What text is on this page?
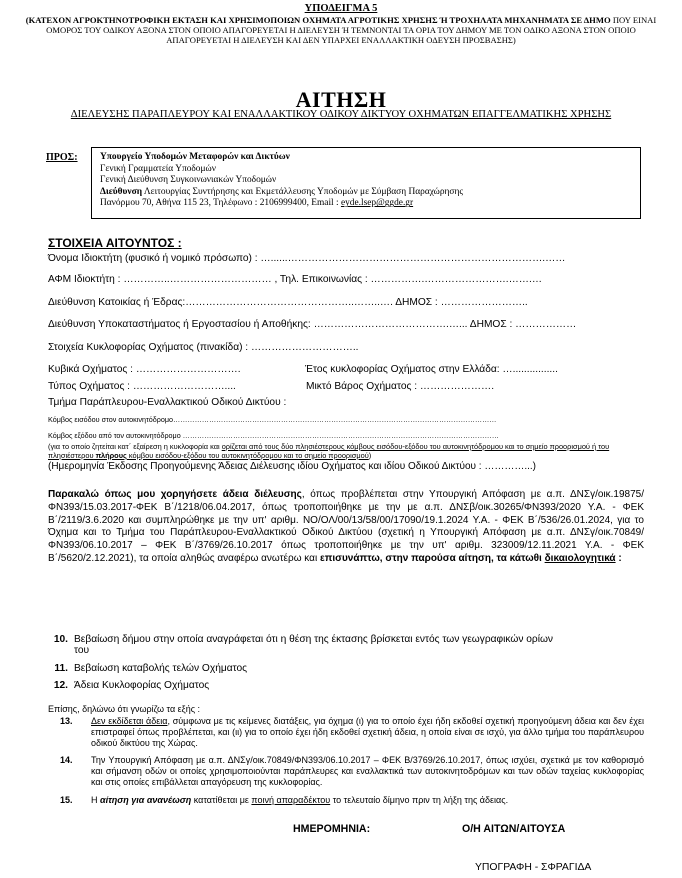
ΥΠΟΔΕΙΓΜΑ 5
(ΚΑΤΕΧΟΝ ΑΓΡΟΚΤΗΝΟΤΡΟΦΙΚΗ ΕΚΤΑΣΗ ΚΑΙ ΧΡΗΣΙΜΟΠΟΙΩΝ ΟΧΗΜΑΤΑ ΑΓΡΟΤΙΚΗΣ ΧΡΗΣΗΣ Ή ΤΡΟΧΗΛΑΤΑ ΜΗΧΑΝΗΜΑΤΑ ΣΕ ΔΗΜΟ ΠΟΥ ΕΙΝΑΙ ΟΜΟΡΟΣ ΤΟΥ ΟΔΙΚΟΥ ΑΞΟΝΑ ΣΤΟΝ ΟΠΟΙΟ ΑΠΑΓΟΡΕΥΕΤΑΙ Η ΔΙΕΛΕΥΣΗ Ή ΤΕΜΝΟΝΤΑΙ ΤΑ ΟΡΙΑ ΤΟΥ ΔΗΜΟΥ ΜΕ ΤΟΝ ΟΔΙΚΟ ΑΞΟΝΑ ΣΤΟΝ ΟΠΟΙΟ ΑΠΑΓΟΡΕΥΕΤΑΙ Η ΔΙΕΛΕΥΣΗ ΚΑΙ ΔΕΝ ΥΠΑΡΧΕΙ ΕΝΑΛΛΑΚΤΙΚΗ ΟΔΕΥΣΗ ΠΡΟΣΒΑΣΗΣ)
ΑΙΤΗΣΗ
ΔΙΕΛΕΥΣΗΣ ΠΑΡΑΠΛΕΥΡΟΥ ΚΑΙ ΕΝΑΛΛΑΚΤΙΚΟΥ ΟΔΙΚΟΥ ΔΙΚΤΥΟΥ ΟΧΗΜΑΤΩΝ ΕΠΑΓΓΕΛΜΑΤΙΚΗΣ ΧΡΗΣΗΣ
ΠΡΟΣ: Υπουργείο Υποδομών Μεταφορών και Δικτύων
Γενική Γραμματεία Υποδομών
Γενική Διεύθυνση Συγκοινωνιακών Υποδομών
Διεύθυνση Λειτουργίας Συντήρησης και Εκμετάλλευσης Υποδομών με Σύμβαση Παραχώρησης
Πανόρμου 70, Αθήνα 115 23, Τηλέφωνο : 2106999400, Email : eyde.lsep@ggde.gr
ΣΤΟΙΧΕΙΑ ΑΙΤΟΥΝΤΟΣ :
Όνομα Ιδιοκτήτη (φυσικό ή νομικό πρόσωπο) : …......………………………………………………………………….……
ΑΦΜ Ιδιοκτήτη : …………..………………………… , Τηλ. Επικοινωνίας : …………….…………………….…….…
Διεύθυνση Κατοικίας ή Έδρας:…………………………………………..……..…. ΔΗΜΟΣ : ……………………..
Διεύθυνση Υποκαταστήματος ή Εργοστασίου ή Αποθήκης: ………………………………….…... ΔΗΜΟΣ : ………………
Στοιχεία Κυκλοφορίας Οχήματος (πινακίδα) : …………………………..
Κυβικά Οχήματος : ………………………….	Έτος κυκλοφορίας Οχήματος στην Ελλάδα: …................
Τύπος Οχήματος : ………………………....	Μικτό Βάρος Οχήματος : ………………….
Τμήμα Παράπλευρου-Εναλλακτικού Οδικού Δικτύου :
Κόμβος εισόδου στον αυτοκινητόδρομο………………………………………………………………………………………………………………………
Κόμβος εξόδου από τον αυτοκινητόδρομο ……………………………………………………………………………………………………………………
(για το οποίο ζητείται κατ΄ εξαίρεση η κυκλοφορία και ορίζεται από τους δύο πλησιέστερους κόμβους εισόδου-εξόδου του αυτοκινητόδρομου και το σημείο προορισμού ή του πλησιέστερου πλήρους κόμβου εισόδου-εξόδου του αυτοκινητόδρομου και το σημείο προορισμού)
(Ημερομηνία Έκδοσης Προηγούμενης Άδειας Διέλευσης ιδίου Οχήματος και ιδίου Οδικού Δικτύου : …………...)
Παρακαλώ όπως μου χορηγήσετε άδεια διέλευσης, όπως προβλέπεται στην Υπουργική Απόφαση με α.π. ΔΝΣγ/οικ.19875/ΦΝ393/15.03.2017-ΦΕΚ Β΄/1218/06.04.2017, όπως τροποποιήθηκε με την με α.π. ΔΝΣβ/οικ.30265/ΦΝ393/2020 Υ.Α. - ΦΕΚ Β΄/2119/3.6.2020 και συμπληρώθηκε με την υπ' αριθμ. ΝΟ/ΟΛ/00/13/58/00/17090/19.1.2024 Υ.Α. - ΦΕΚ Β΄/536/26.01.2024, για το Όχημα και το Τμήμα του Παράπλευρου-Εναλλακτικού Οδικού Δικτύου (σχετική η Υπουργική Απόφαση με α.π. ΔΝΣγ/οικ.70849/ΦΝ393/06.10.2017 – ΦΕΚ Β΄/3769/26.10.2017 όπως τροποποιήθηκε με την υπ' αριθμ. 323009/12.11.2021 Υ.Α. - ΦΕΚ Β΄/5620/2.12.2021), τα οποία αληθώς αναφέρω ανωτέρω και επισυνάπτω, στην παρούσα αίτηση, τα κάτωθι δικαιολογητικά :
10. Βεβαίωση δήμου στην οποία αναγράφεται ότι η θέση της έκτασης βρίσκεται εντός των γεωγραφικών ορίων
του
11. Βεβαίωση καταβολής τελών Οχήματος
12. Άδεια Κυκλοφορίας Οχήματος
Επίσης, δηλώνω ότι γνωρίζω τα εξής :
13. Δεν εκδίδεται άδεια, σύμφωνα με τις κείμενες διατάξεις, για όχημα (ι) για το οποίο έχει ήδη εκδοθεί σχετική προηγούμενη άδεια και δεν έχει επιστραφεί όπως προβλέπεται, και (ιι) για το οποίο έχει ήδη εκδοθεί σχετική άδεια, η οποία είναι σε ισχύ, για άλλο τμήμα του παράπλευρου οδικού δικτύου της Χώρας.
14. Την Υπουργική Απόφαση με α.π. ΔΝΣγ/οικ.70849/ΦΝ393/06.10.2017 – ΦΕΚ Β/3769/26.10.2017, όπως ισχύει, σχετικά με τον καθορισμό και σήμανση οδών οι οποίες χρησιμοποιούνται παράπλευρες και εναλλακτικά των αυτοκινητοδρόμων και των οδών ταχείας κυκλοφορίας και στις οποίες επιβάλλεται απαγόρευση της κυκλοφορίας.
15. Η αίτηση για ανανέωση κατατίθεται με ποινή απαραδέκτου το τελευταίο δίμηνο πριν τη λήξη της άδειας.
ΗΜΕΡΟΜΗΝΙΑ:	Ο/Η ΑΙΤΩΝ/ΑΙΤΟΥΣΑ
ΥΠΟΓΡΑΦΗ - ΣΦΡΑΓΙΔΑ
